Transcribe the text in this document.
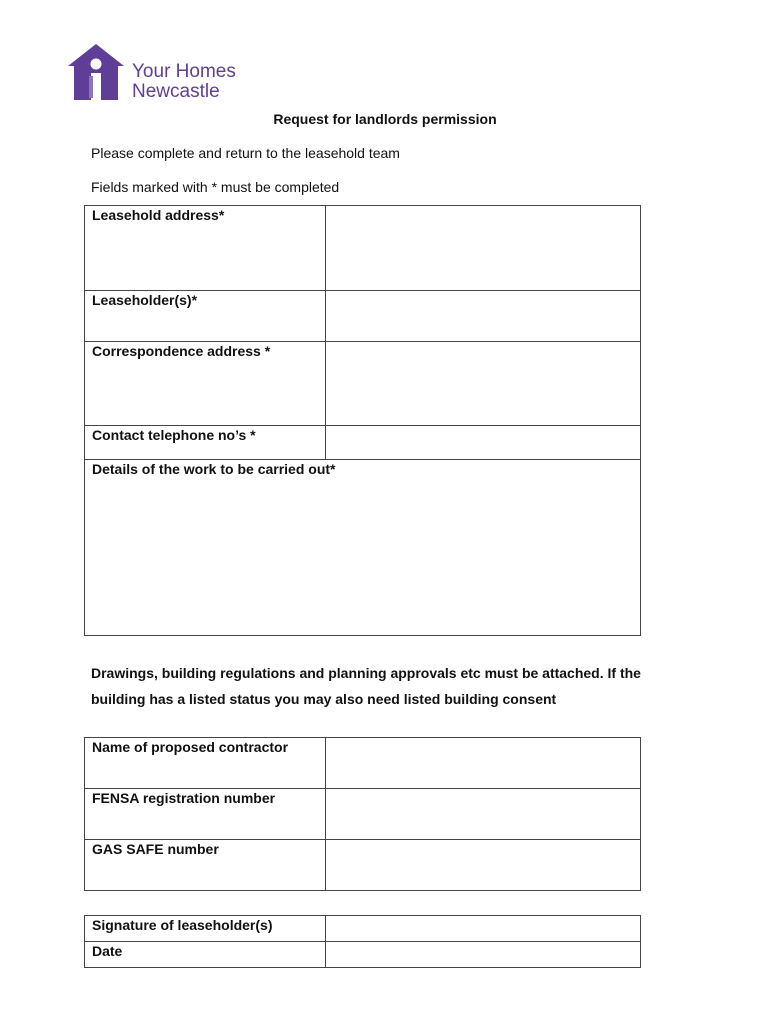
Your Homes
Newcastle
Request for landlords permission
Please complete and return to the leasehold team
Fields marked with * must be completed
Leasehold address*	
Leaseholder(s)*	
Correspondence address *	
Contact telephone no’s *	
Details of the work to be carried out*	
Drawings, building regulations and planning approvals etc must be attached. If the building has a listed status you may also need listed building consent
Name of proposed contractor	
FENSA registration number	
GAS SAFE number	
Signature of leaseholder(s)	
Date	
